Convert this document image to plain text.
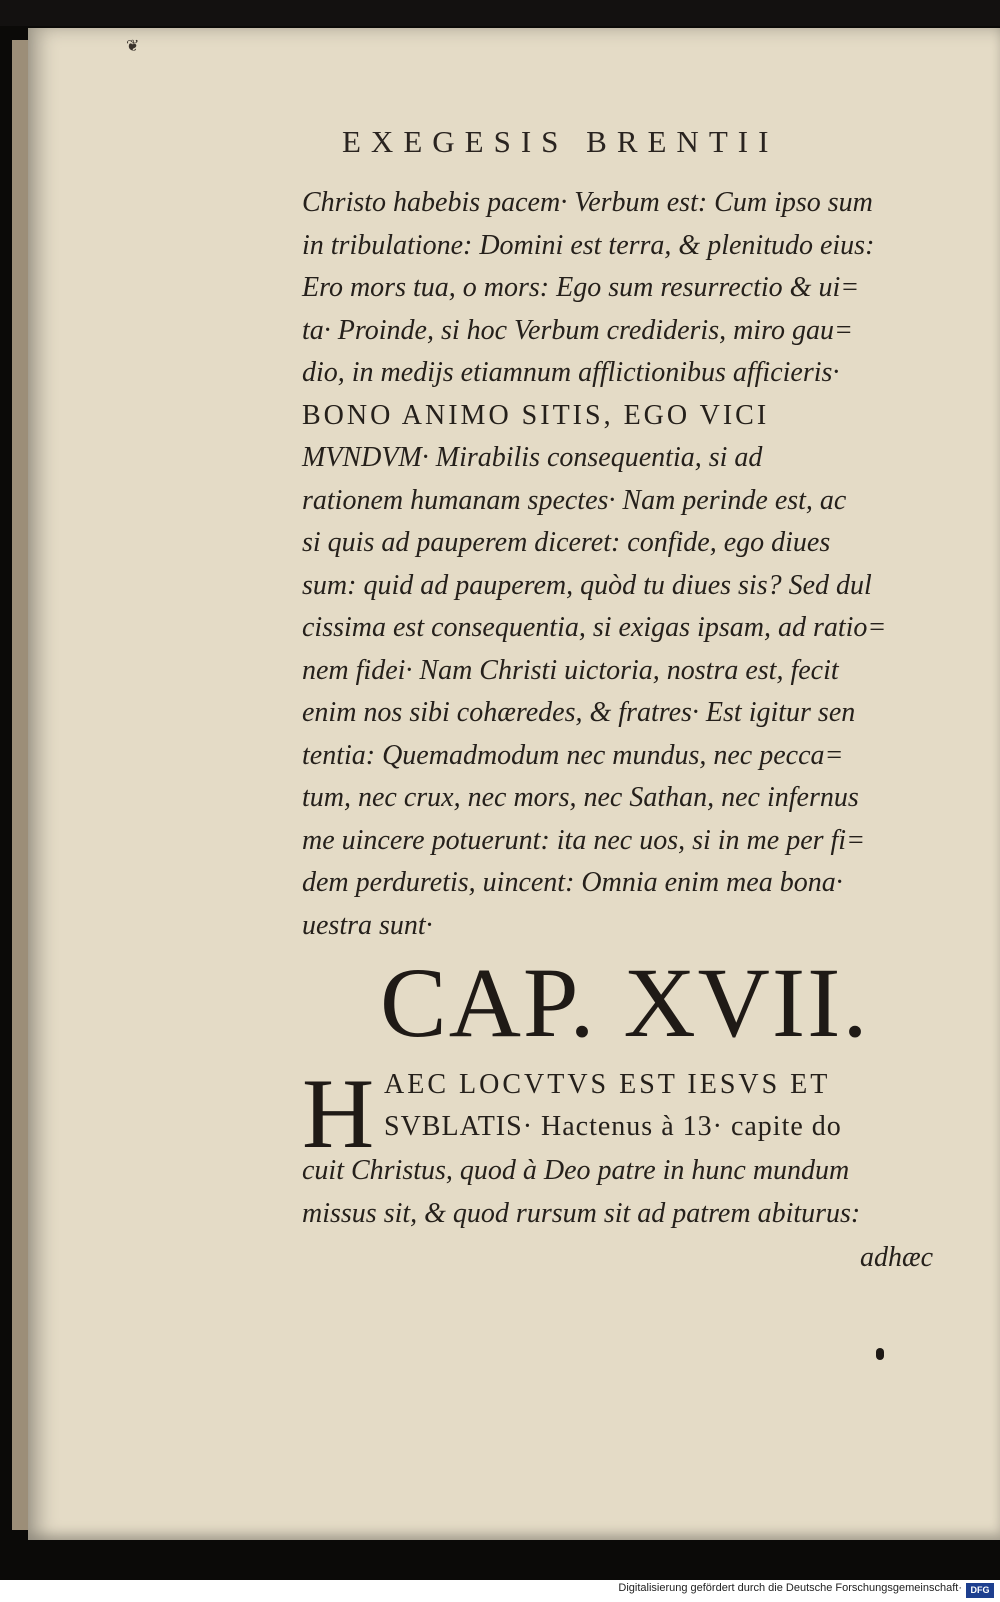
❦
EXEGESIS BRENTII
Christo habebis pacem· Verbum est: Cum ipso sum
in tribulatione: Domini est terra, & plenitudo eius:
Ero mors tua, o mors: Ego sum resurrectio & ui=
ta· Proinde, si hoc Verbum credideris, miro gau=
dio, in medijs etiamnum afflictionibus afficieris·
BONO ANIMO SITIS, EGO VICI
MVNDVM· Mirabilis consequentia, si ad
rationem humanam spectes· Nam perinde est, ac
si quis ad pauperem diceret: confide, ego diues
sum: quid ad pauperem, quòd tu diues sis? Sed dul
cissima est consequentia, si exigas ipsam, ad ratio=
nem fidei· Nam Christi uictoria, nostra est, fecit
enim nos sibi cohæredes, & fratres· Est igitur sen
tentia: Quemadmodum nec mundus, nec pecca=
tum, nec crux, nec mors, nec Sathan, nec infernus
me uincere potuerunt: ita nec uos, si in me per fi=
dem perduretis, uincent: Omnia enim mea bona·
uestra sunt·
CAP. XVII.
H AEC LOCVTVS EST IESVS ET
SVBLATIS· Hactenus à 13· capite do
cuit Christus, quod à Deo patre in hunc mundum
missus sit, & quod rursum sit ad patrem abiturus:
adhæc
Digitalisierung gefördert durch die Deutsche Forschungsgemeinschaft· DFG
